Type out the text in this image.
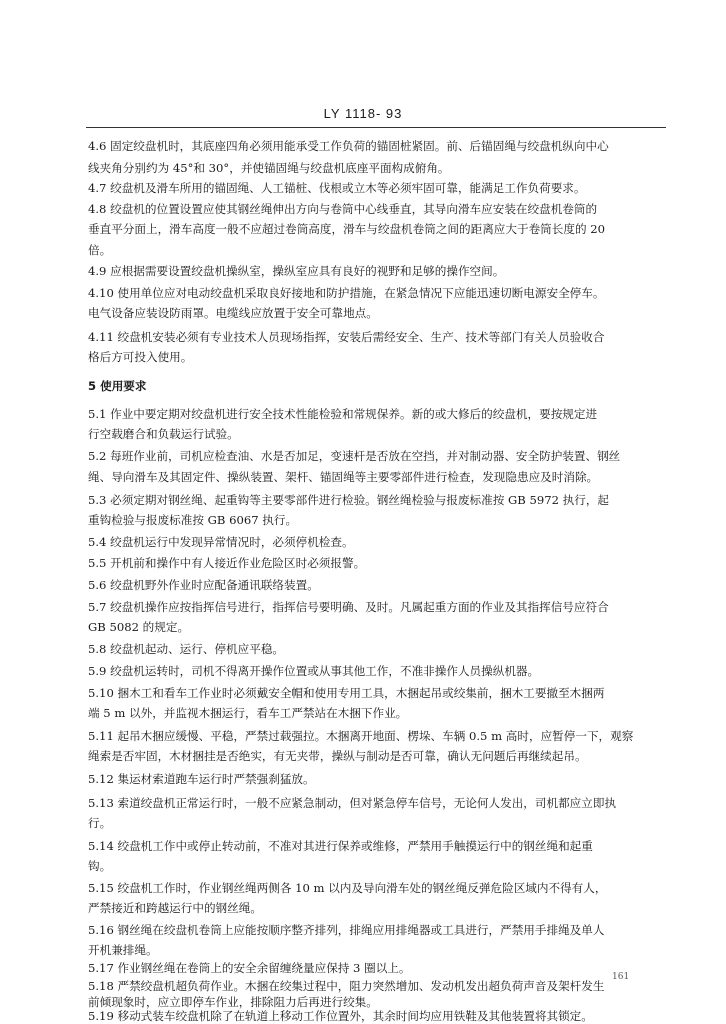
LY 1118- 93
4.6 固定绞盘机时，其底座四角必须用能承受工作负荷的锚固桩紧固。前、后锚固绳与绞盘机纵向中心
线夹角分别约为 45°和 30°，并使锚固绳与绞盘机底座平面构成俯角。
4.7 绞盘机及滑车所用的锚固绳、人工锚桩、伐根或立木等必须牢固可靠，能满足工作负荷要求。
4.8 绞盘机的位置设置应使其钢丝绳伸出方向与卷筒中心线垂直，其导向滑车应安装在绞盘机卷筒的
垂直平分面上，滑车高度一般不应超过卷筒高度，滑车与绞盘机卷筒之间的距离应大于卷筒长度的 20
倍。
4.9 应根据需要设置绞盘机操纵室，操纵室应具有良好的视野和足够的操作空间。
4.10 使用单位应对电动绞盘机采取良好接地和防护措施，在紧急情况下应能迅速切断电源安全停车。
电气设备应装设防雨罩。电缆线应放置于安全可靠地点。
4.11 绞盘机安装必须有专业技术人员现场指挥，安装后需经安全、生产、技术等部门有关人员验收合
格后方可投入使用。
5 使用要求
5.1 作业中要定期对绞盘机进行安全技术性能检验和常规保养。新的或大修后的绞盘机，要按规定进
行空载磨合和负载运行试验。
5.2 每班作业前，司机应检查油、水是否加足，变速杆是否放在空挡，并对制动器、安全防护装置、钢丝
绳、导向滑车及其固定件、操纵装置、架杆、锚固绳等主要零部件进行检查，发现隐患应及时消除。
5.3 必须定期对钢丝绳、起重钩等主要零部件进行检验。钢丝绳检验与报废标准按 GB 5972 执行，起
重钩检验与报废标准按 GB 6067 执行。
5.4 绞盘机运行中发现异常情况时，必须停机检查。
5.5 开机前和操作中有人接近作业危险区时必须报警。
5.6 绞盘机野外作业时应配备通讯联络装置。
5.7 绞盘机操作应按指挥信号进行，指挥信号要明确、及时。凡属起重方面的作业及其指挥信号应符合
GB 5082 的规定。
5.8 绞盘机起动、运行、停机应平稳。
5.9 绞盘机运转时，司机不得离开操作位置或从事其他工作，不准非操作人员操纵机器。
5.10 捆木工和看车工作业时必须戴安全帽和使用专用工具，木捆起吊或绞集前，捆木工要撤至木捆两
端 5 m 以外，并监视木捆运行，看车工严禁站在木捆下作业。
5.11 起吊木捆应缓慢、平稳，严禁过载强拉。木捆离开地面、楞垛、车辆 0.5 m 高时，应暂停一下，观察
绳索是否牢固，木材捆挂是否绝实，有无夹带，操纵与制动是否可靠，确认无问题后再继续起吊。
5.12 集运材索道跑车运行时严禁强刹猛放。
5.13 索道绞盘机正常运行时，一般不应紧急制动，但对紧急停车信号，无论何人发出，司机都应立即执
行。
5.14 绞盘机工作中或停止转动前，不准对其进行保养或维修，严禁用手触摸运行中的钢丝绳和起重
钩。
5.15 绞盘机工作时，作业钢丝绳两侧各 10 m 以内及导向滑车处的钢丝绳反弹危险区域内不得有人，
严禁接近和跨越运行中的钢丝绳。
5.16 钢丝绳在绞盘机卷筒上应能按顺序整齐排列，排绳应用排绳器或工具进行，严禁用手排绳及单人
开机兼排绳。
5.17 作业钢丝绳在卷筒上的安全余留缠绕量应保持 3 圈以上。
5.18 严禁绞盘机超负荷作业。木捆在绞集过程中，阻力突然增加、发动机发出超负荷声音及架杆发生
前倾现象时，应立即停车作业，排除阻力后再进行绞集。
5.19 移动式装车绞盘机除了在轨道上移动工作位置外，其余时间均应用铁鞋及其他装置将其锁定。
161
